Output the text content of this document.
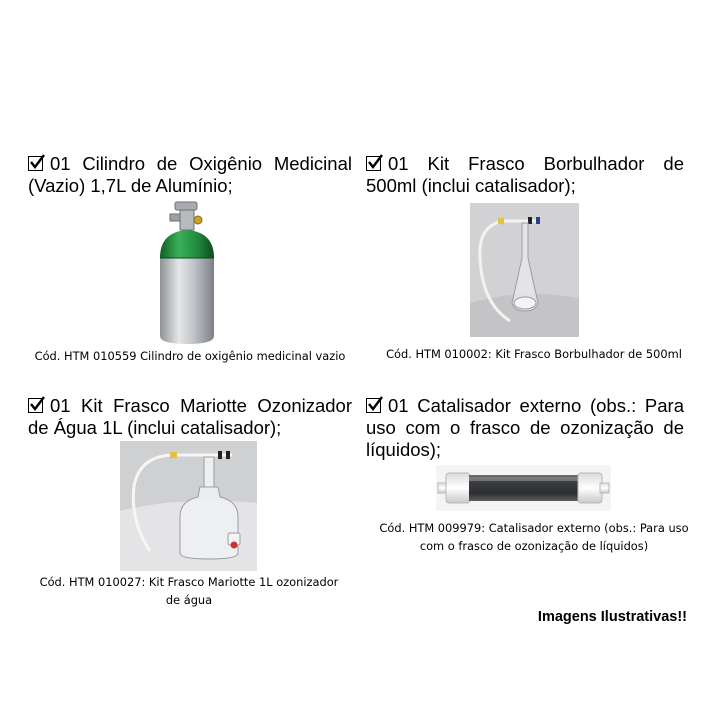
01 Cilindro de Oxigênio Medicinal (Vazio) 1,7L de Alumínio;
Cód. HTM 010559 Cilindro de oxigênio medicinal vazio
01 Kit Frasco Borbulhador de 500ml (inclui catalisador);
Cód. HTM 010002: Kit Frasco Borbulhador de 500ml
01 Kit Frasco Mariotte Ozonizador de Água 1L (inclui catalisador);
Cód. HTM 010027: Kit Frasco Mariotte 1L ozonizador
de água
01 Catalisador externo (obs.: Para uso com o frasco de ozonização de líquidos);
Cód. HTM 009979: Catalisador externo (obs.: Para uso
com o frasco de ozonização de líquidos)
Imagens Ilustrativas!!
